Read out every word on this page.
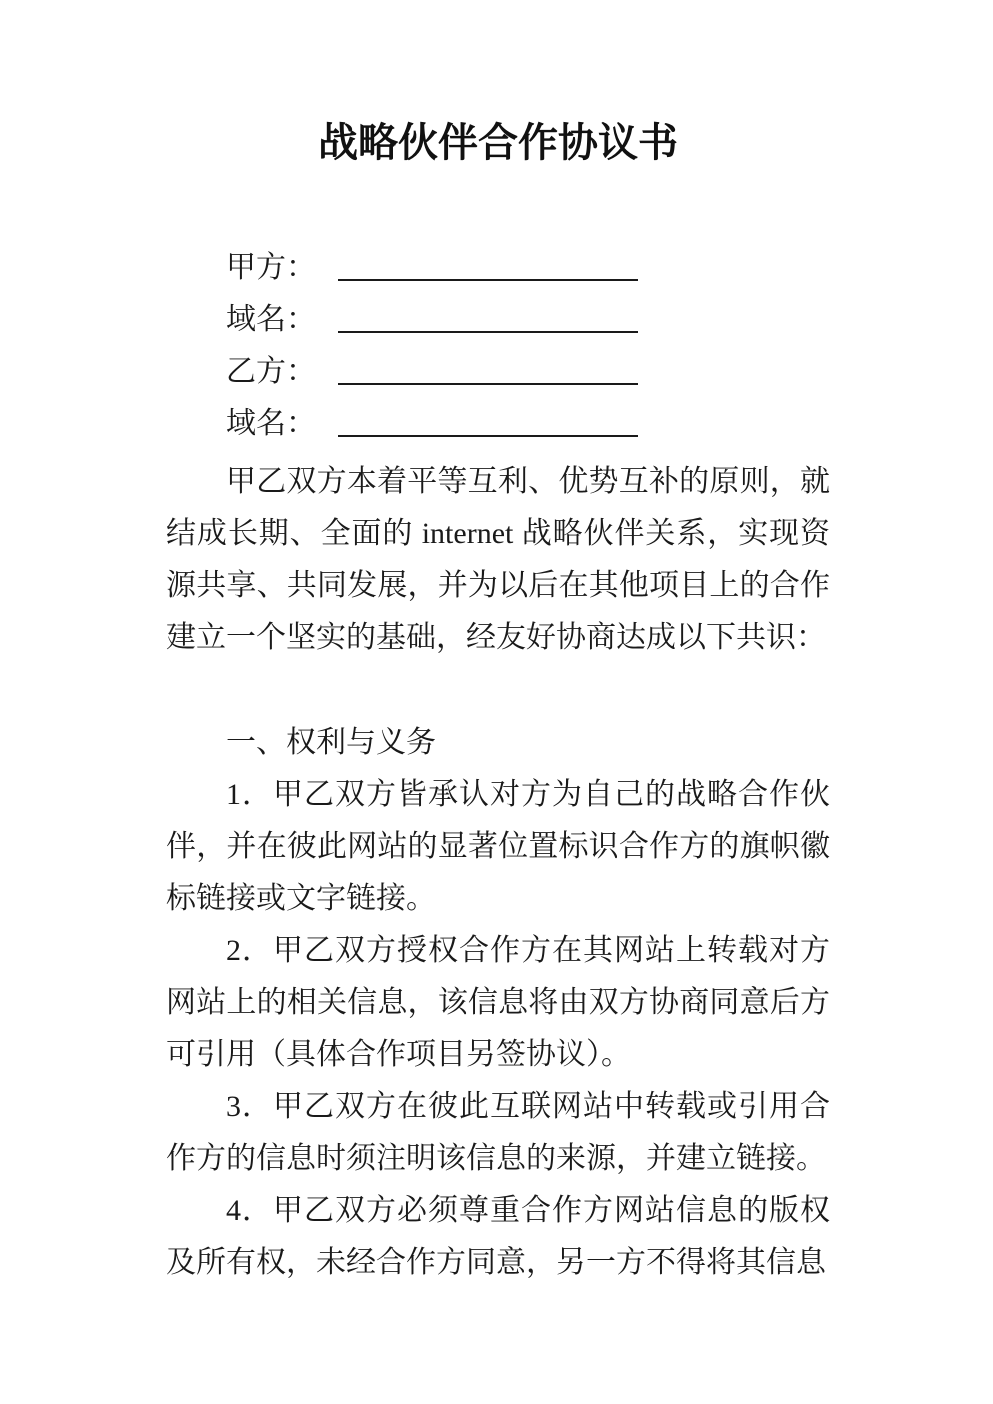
战略伙伴合作协议书
甲方：
域名：
乙方：
域名：

甲乙双方本着平等互利、优势互补的原则，就结成长期、全面的 internet 战略伙伴关系，实现资源共享、共同发展，并为以后在其他项目上的合作建立一个坚实的基础，经友好协商达成以下共识：

一、权利与义务

1．甲乙双方皆承认对方为自己的战略合作伙伴，并在彼此网站的显著位置标识合作方的旗帜徽标链接或文字链接。

2．甲乙双方授权合作方在其网站上转载对方网站上的相关信息，该信息将由双方协商同意后方可引用（具体合作项目另签协议）。

3．甲乙双方在彼此互联网站中转载或引用合作方的信息时须注明该信息的来源，并建立链接。

4．甲乙双方必须尊重合作方网站信息的版权及所有权，未经合作方同意，另一方不得将其信息
